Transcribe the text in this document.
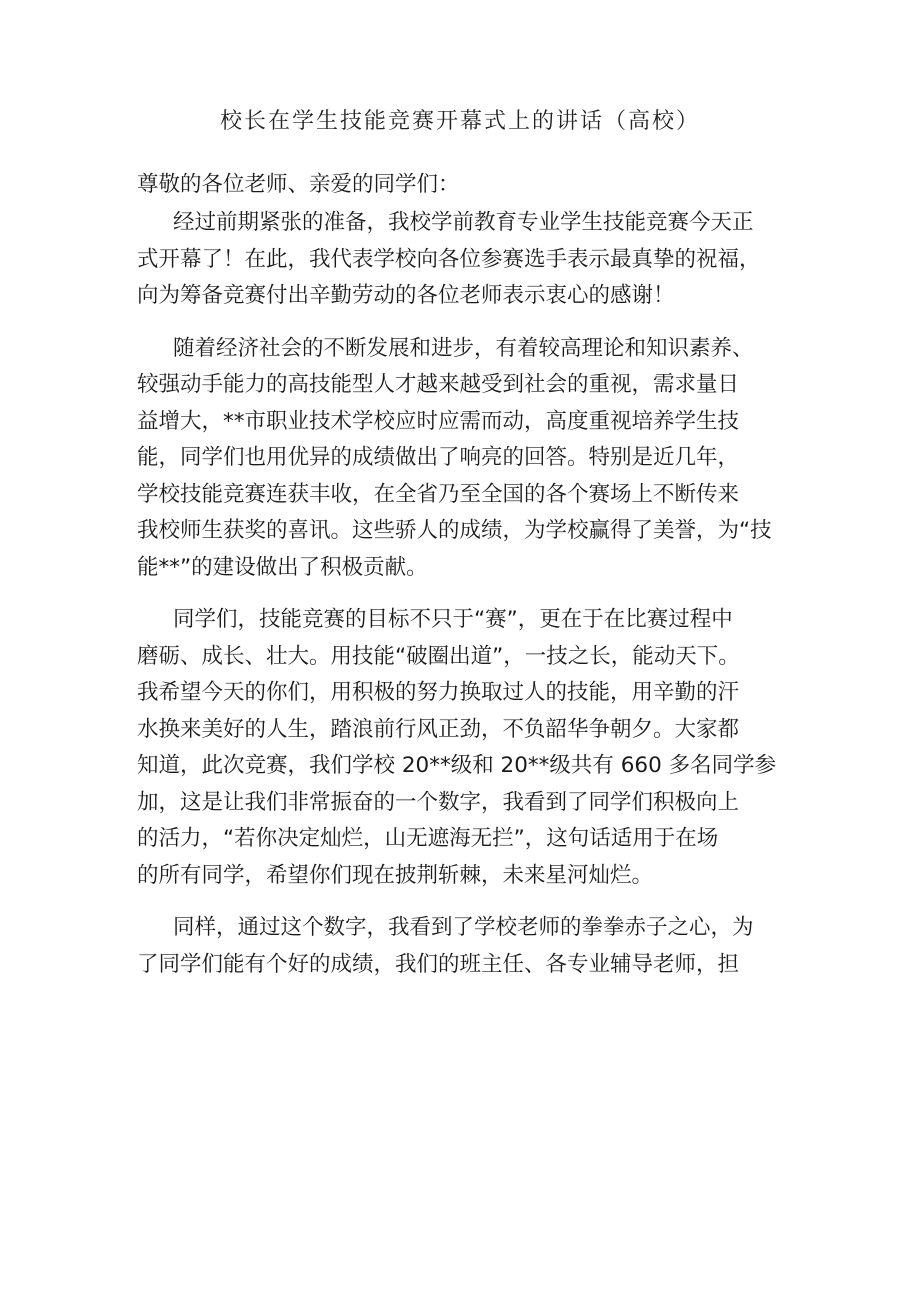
校长在学生技能竞赛开幕式上的讲话（高校）
尊敬的各位老师、亲爱的同学们：
经过前期紧张的准备，我校学前教育专业学生技能竞赛今天正
式开幕了！在此，我代表学校向各位参赛选手表示最真挚的祝福，
向为筹备竞赛付出辛勤劳动的各位老师表示衷心的感谢！
随着经济社会的不断发展和进步，有着较高理论和知识素养、
较强动手能力的高技能型人才越来越受到社会的重视，需求量日
益增大，**市职业技术学校应时应需而动，高度重视培养学生技
能，同学们也用优异的成绩做出了响亮的回答。特别是近几年，
学校技能竞赛连获丰收，在全省乃至全国的各个赛场上不断传来
我校师生获奖的喜讯。这些骄人的成绩，为学校赢得了美誉，为“技
能**”的建设做出了积极贡献。
同学们，技能竞赛的目标不只于“赛”，更在于在比赛过程中
磨砺、成长、壮大。用技能“破圈出道”，一技之长，能动天下。
我希望今天的你们，用积极的努力换取过人的技能，用辛勤的汗
水换来美好的人生，踏浪前行风正劲，不负韶华争朝夕。大家都
知道，此次竞赛，我们学校 20**级和 20**级共有 660 多名同学参
加，这是让我们非常振奋的一个数字，我看到了同学们积极向上
的活力，“若你决定灿烂，山无遮海无拦”，这句话适用于在场
的所有同学，希望你们现在披荆斩棘，未来星河灿烂。
同样，通过这个数字，我看到了学校老师的拳拳赤子之心，为
了同学们能有个好的成绩，我们的班主任、各专业辅导老师，担
